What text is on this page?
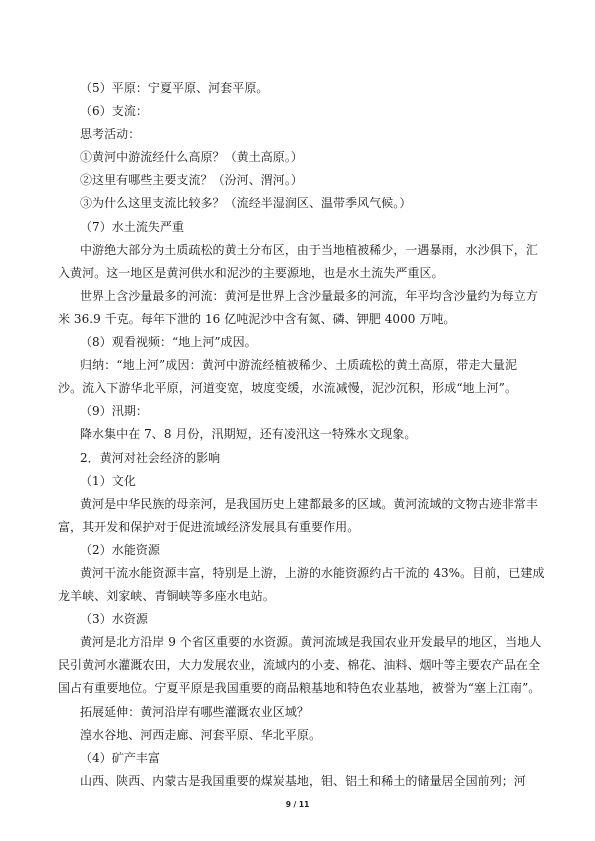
（5）平原：宁夏平原、河套平原。
（6）支流：
思考活动：
①黄河中游流经什么高原？（黄土高原。）
②这里有哪些主要支流？（汾河、渭河。）
③为什么这里支流比较多？（流经半湿润区、温带季风气候。）
（7）水土流失严重
中游绝大部分为土质疏松的黄土分布区，由于当地植被稀少，一遇暴雨，水沙俱下，汇
入黄河。这一地区是黄河供水和泥沙的主要源地，也是水土流失严重区。
世界上含沙量最多的河流：黄河是世界上含沙量最多的河流，年平均含沙量约为每立方
米 36.9 千克。每年下泄的 16 亿吨泥沙中含有氮、磷、钾肥 4000 万吨。
（8）观看视频：“地上河”成因。
归纳：“地上河”成因：黄河中游流经植被稀少、土质疏松的黄土高原，带走大量泥
沙。流入下游华北平原，河道变宽，坡度变缓，水流减慢，泥沙沉积，形成“地上河”。
（9）汛期：
降水集中在 7、8 月份，汛期短，还有凌汛这一特殊水文现象。
2．黄河对社会经济的影响
（1）文化
黄河是中华民族的母亲河，是我国历史上建都最多的区域。黄河流域的文物古迹非常丰
富，其开发和保护对于促进流域经济发展具有重要作用。
（2）水能资源
黄河干流水能资源丰富，特别是上游，上游的水能资源约占干流的 43%。目前，已建成
龙羊峡、刘家峡、青铜峡等多座水电站。
（3）水资源
黄河是北方沿岸 9 个省区重要的水资源。黄河流域是我国农业开发最早的地区，当地人
民引黄河水灌溉农田，大力发展农业，流域内的小麦、棉花、油料、烟叶等主要农产品在全
国占有重要地位。宁夏平原是我国重要的商品粮基地和特色农业基地，被誉为“塞上江南”。
拓展延伸：黄河沿岸有哪些灌溉农业区域？
湟水谷地、河西走廊、河套平原、华北平原。
（4）矿产丰富
山西、陕西、内蒙古是我国重要的煤炭基地，钼、铝土和稀土的储量居全国前列；河
9 / 11
